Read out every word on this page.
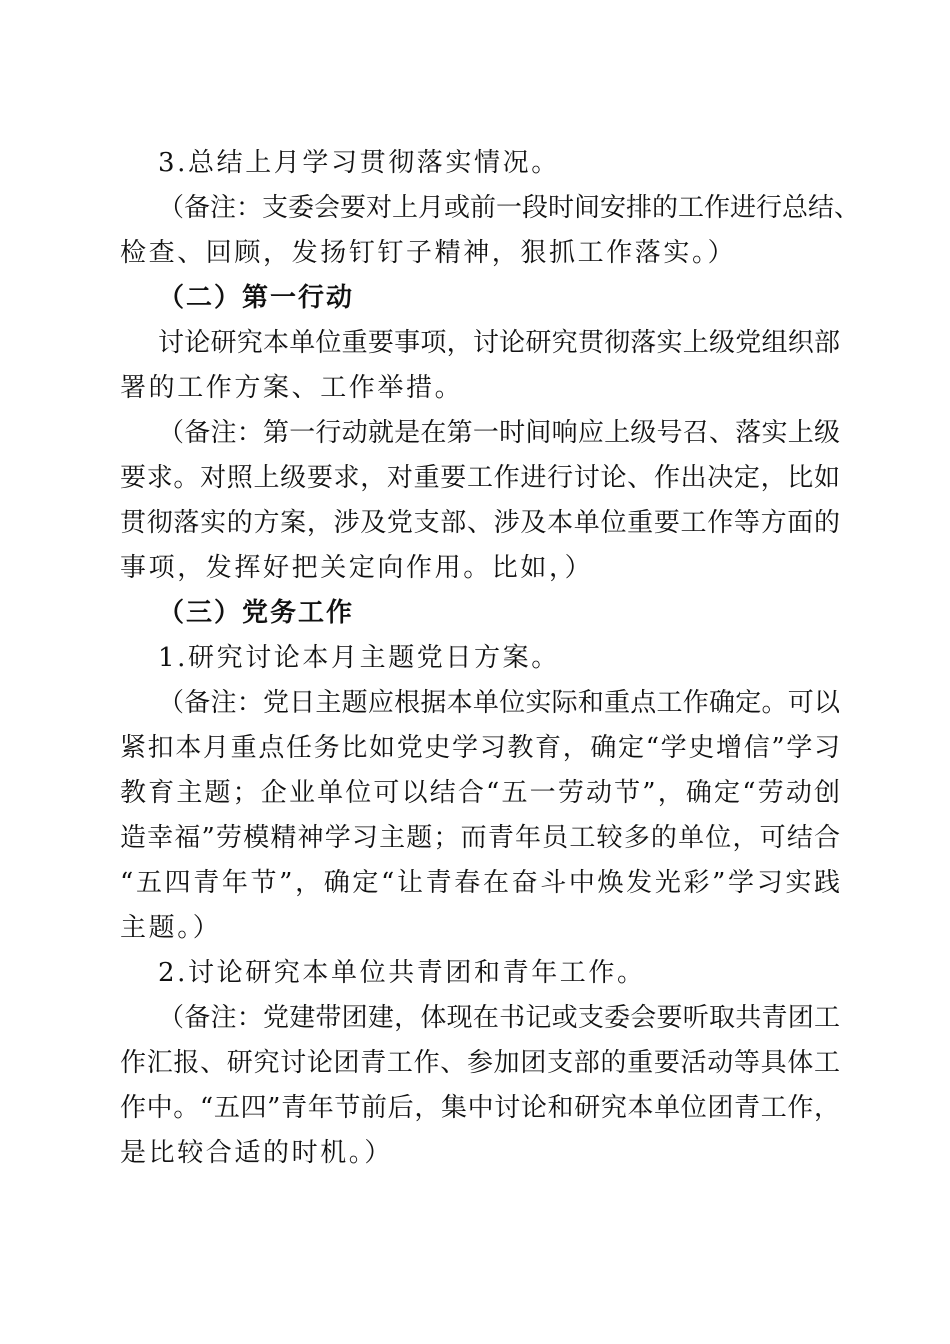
3.总结上月学习贯彻落实情况。
（备注：支委会要对上月或前一段时间安排的工作进行总结、
检查、回顾，发扬钉钉子精神，狠抓工作落实。）
（二）第一行动
讨论研究本单位重要事项，讨论研究贯彻落实上级党组织部
署的工作方案、工作举措。
（备注：第一行动就是在第一时间响应上级号召、落实上级
要求。对照上级要求，对重要工作进行讨论、作出决定，比如
贯彻落实的方案，涉及党支部、涉及本单位重要工作等方面的
事项，发挥好把关定向作用。比如，）
（三）党务工作
1.研究讨论本月主题党日方案。
（备注：党日主题应根据本单位实际和重点工作确定。可以
紧扣本月重点任务比如党史学习教育，确定“学史增信”学习
教育主题；企业单位可以结合“五一劳动节”，确定“劳动创
造幸福”劳模精神学习主题；而青年员工较多的单位，可结合
“五四青年节”，确定“让青春在奋斗中焕发光彩”学习实践
主题。）
2.讨论研究本单位共青团和青年工作。
（备注：党建带团建，体现在书记或支委会要听取共青团工
作汇报、研究讨论团青工作、参加团支部的重要活动等具体工
作中。“五四”青年节前后，集中讨论和研究本单位团青工作，
是比较合适的时机。）
